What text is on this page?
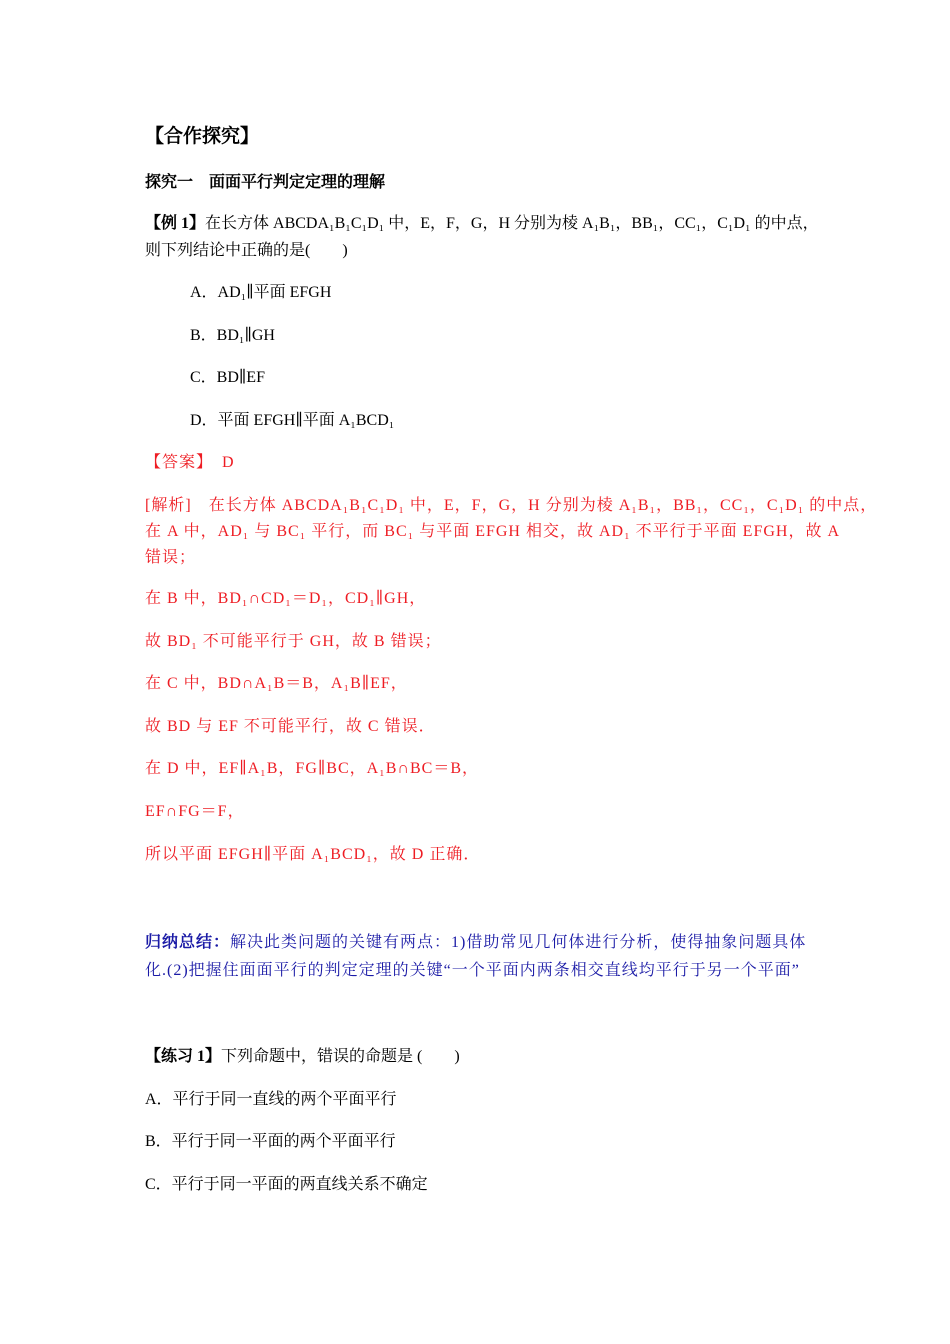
【合作探究】
探究一　面面平行判定定理的理解
【例 1】在长方体 ABCDA₁B₁C₁D₁ 中，E，F，G，H 分别为棱 A₁B₁，BB₁，CC₁，C₁D₁ 的中点，
则下列结论中正确的是(　　)
A．AD₁∥平面 EFGH
B．BD₁∥GH
C．BD∥EF
D．平面 EFGH∥平面 A₁BCD₁
【答案】　 D
[解析]　 在长方体 ABCDA₁B₁C₁D₁ 中，E，F，G，H 分别为棱 A₁B₁，BB₁，CC₁，C₁D₁ 的中点，
在 A 中，AD₁ 与 BC₁ 平行，而 BC₁ 与平面 EFGH 相交，故 AD₁ 不平行于平面 EFGH，故 A
错误；
在 B 中，BD₁∩CD₁＝D₁，CD₁∥GH，
故 BD₁ 不可能平行于 GH，故 B 错误；
在 C 中，BD∩A₁B＝B，A₁B∥EF，
故 BD 与 EF 不可能平行，故 C 错误．
在 D 中，EF∥A₁B，FG∥BC，A₁B∩BC＝B，
EF∩FG＝F，
所以平面 EFGH∥平面 A₁BCD₁，故 D 正确．
归纳总结：解决此类问题的关键有两点：1)借助常见几何体进行分析，使得抽象问题具体
化.(2)把握住面面平行的判定定理的关键“一个平面内两条相交直线均平行于另一个平面”
【练习 1】下列命题中，错误的命题是 (　　)
A．平行于同一直线的两个平面平行
B．平行于同一平面的两个平面平行
C．平行于同一平面的两直线关系不确定
